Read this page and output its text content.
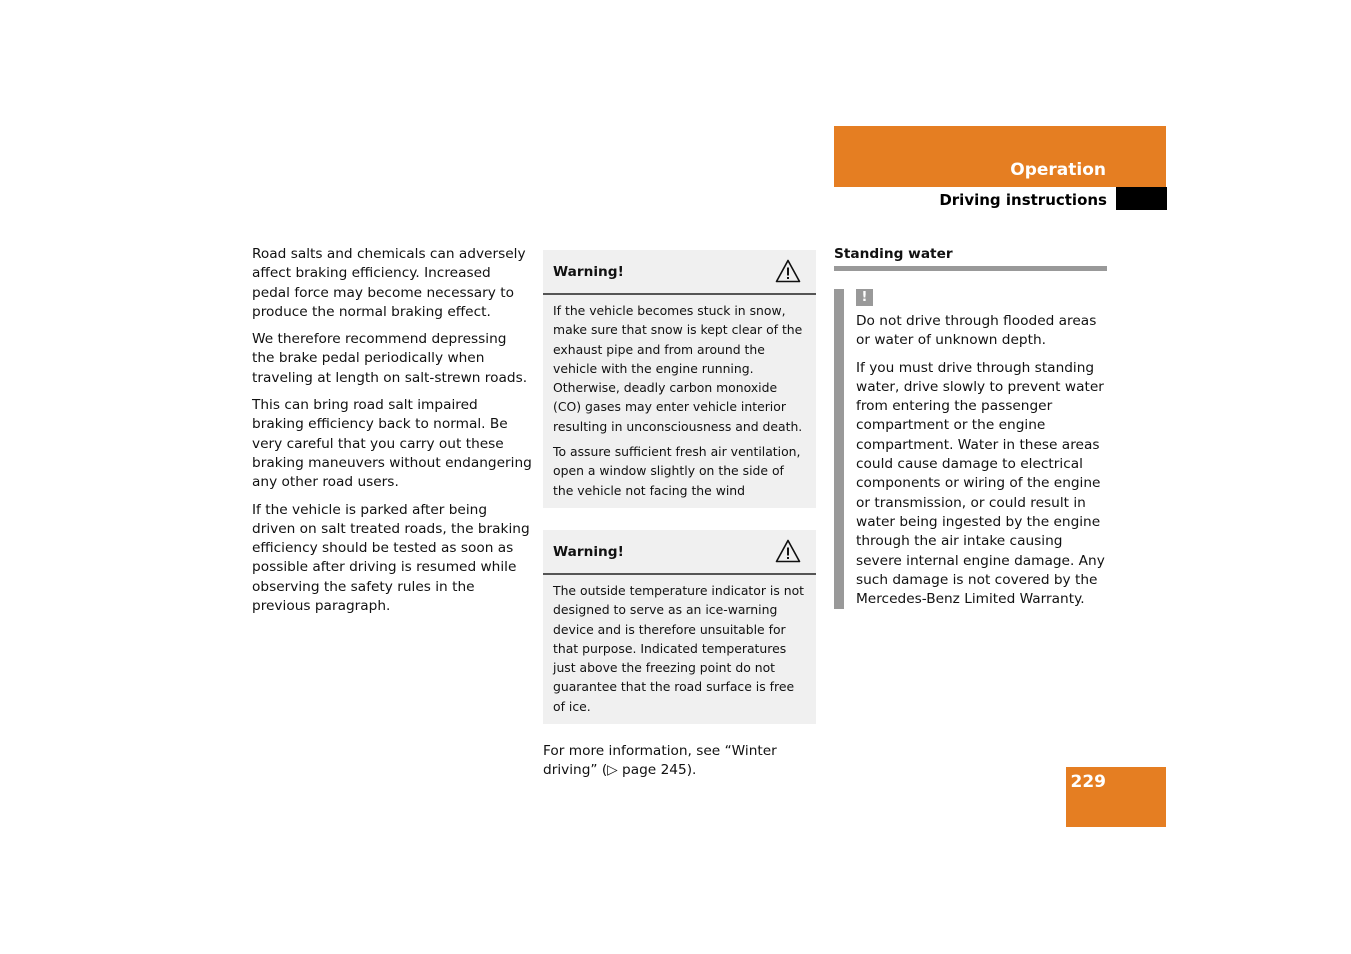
Operation
Driving instructions

Road salts and chemicals can adversely affect braking efficiency. Increased pedal force may become necessary to produce the normal braking effect.

We therefore recommend depressing the brake pedal periodically when traveling at length on salt-strewn roads.

This can bring road salt impaired braking efficiency back to normal. Be very careful that you carry out these braking maneuvers without endangering any other road users.

If the vehicle is parked after being driven on salt treated roads, the braking efficiency should be tested as soon as possible after driving is resumed while observing the safety rules in the previous paragraph.

Warning!

If the vehicle becomes stuck in snow, make sure that snow is kept clear of the exhaust pipe and from around the vehicle with the engine running. Otherwise, deadly carbon monoxide (CO) gases may enter vehicle interior resulting in unconsciousness and death.

To assure sufficient fresh air ventilation, open a window slightly on the side of the vehicle not facing the wind

Warning!

The outside temperature indicator is not designed to serve as an ice-warning device and is therefore unsuitable for that purpose. Indicated temperatures just above the freezing point do not guarantee that the road surface is free of ice.

For more information, see “Winter driving” (▷ page 245).

Standing water
!

Do not drive through flooded areas or water of unknown depth.

If you must drive through standing water, drive slowly to prevent water from entering the passenger compartment or the engine compartment. Water in these areas could cause damage to electrical components or wiring of the engine or transmission, or could result in water being ingested by the engine through the air intake causing severe internal engine damage. Any such damage is not covered by the Mercedes-Benz Limited Warranty.

229
